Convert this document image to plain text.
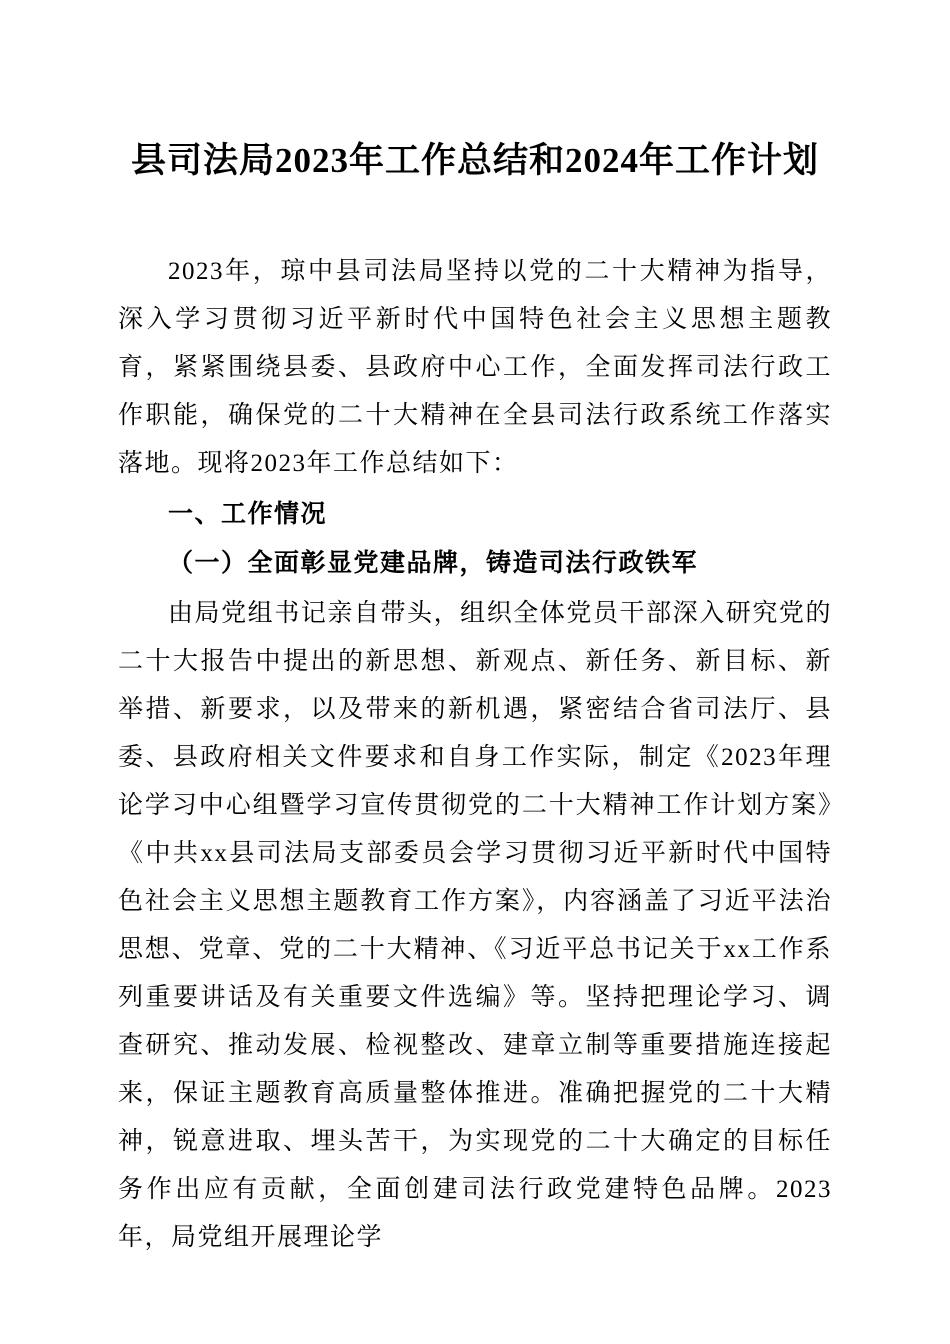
县司法局2023年工作总结和2024年工作计划

2023年，琼中县司法局坚持以党的二十大精神为指导，深入学习贯彻习近平新时代中国特色社会主义思想主题教育，紧紧围绕县委、县政府中心工作，全面发挥司法行政工作职能，确保党的二十大精神在全县司法行政系统工作落实落地。现将2023年工作总结如下：

一、工作情况

（一）全面彰显党建品牌，铸造司法行政铁军

由局党组书记亲自带头，组织全体党员干部深入研究党的二十大报告中提出的新思想、新观点、新任务、新目标、新举措、新要求，以及带来的新机遇，紧密结合省司法厅、县委、县政府相关文件要求和自身工作实际，制定《2023年理论学习中心组暨学习宣传贯彻党的二十大精神工作计划方案》《中共xx县司法局支部委员会学习贯彻习近平新时代中国特色社会主义思想主题教育工作方案》，内容涵盖了习近平法治思想、党章、党的二十大精神、《习近平总书记关于xx工作系列重要讲话及有关重要文件选编》等。坚持把理论学习、调查研究、推动发展、检视整改、建章立制等重要措施连接起来，保证主题教育高质量整体推进。准确把握党的二十大精神，锐意进取、埋头苦干，为实现党的二十大确定的目标任务作出应有贡献，全面创建司法行政党建特色品牌。2023年，局党组开展理论学
